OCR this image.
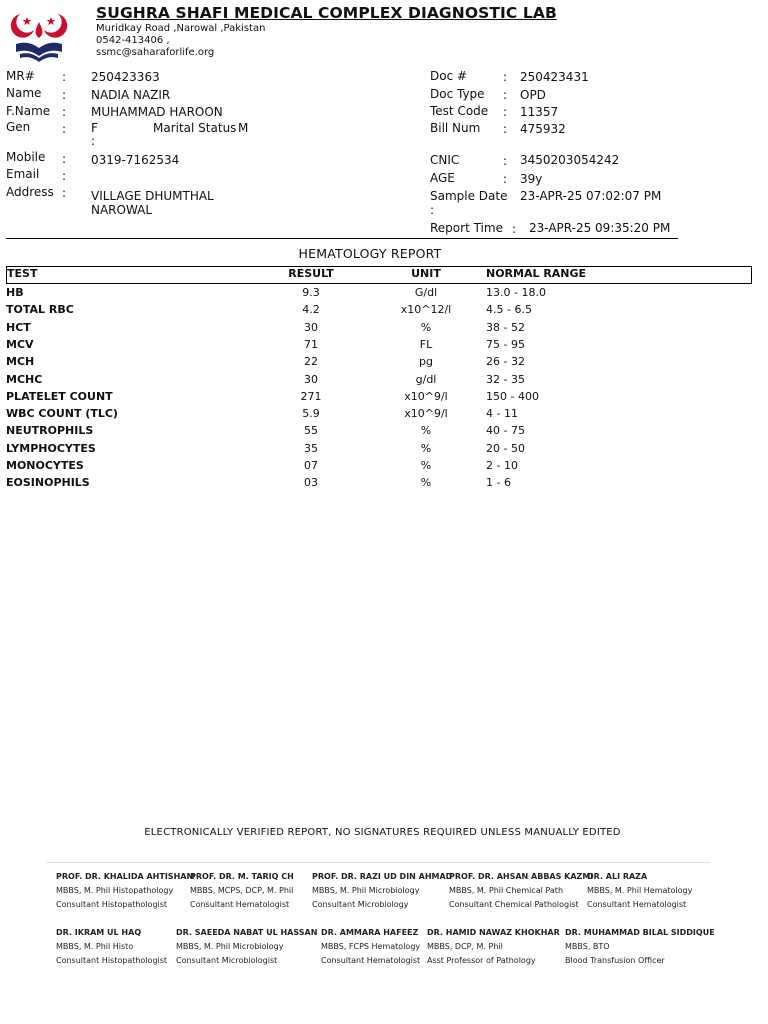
SUGHRA SHAFI MEDICAL COMPLEX DIAGNOSTIC LAB
Muridkay Road ,Narowal ,Pakistan
0542-413406 ,
ssmc@saharaforlife.org
MR# : 250423363
Name : NADIA NAZIR
F.Name : MUHAMMAD HAROON
Gen	: F	Marital Status M
:
Mobile : 0319-7162534
Email :
Address : VILLAGE DHUMTHAL
NAROWAL
Doc #	: 250423431
Doc Type : OPD
Test Code : 11357
Bill Num : 475932
CNIC	: 3450203054242
AGE	: 39y
Sample Date 23-APR-25 07:02:07 PM
:
Report Time : 23-APR-25 09:35:20 PM
HEMATOLOGY REPORT
TEST	RESULT	UNIT	NORMAL RANGE
HB	9.3	G/dl	13.0 - 18.0
TOTAL RBC	4.2	x10^12/l	4.5 - 6.5
HCT	30	%	38 - 52
MCV	71	FL	75 - 95
MCH	22	pg	26 - 32
MCHC	30	g/dl	32 - 35
PLATELET COUNT	271	x10^9/l	150 - 400
WBC COUNT (TLC)	5.9	x10^9/l	4 - 11
NEUTROPHILS	55	%	40 - 75
LYMPHOCYTES	35	%	20 - 50
MONOCYTES	07	%	2 - 10
EOSINOPHILS	03	%	1 - 6
ELECTRONICALLY VERIFIED REPORT, NO SIGNATURES REQUIRED UNLESS MANUALLY EDITED
PROF. DR. KHALIDA AHTISHAM
MBBS, M. Phil Histopathology
Consultant Histopathologist
PROF. DR. M. TARIQ CH
MBBS, MCPS, DCP, M. Phil
Consultant Hematologist
PROF. DR. RAZI UD DIN AHMAD
MBBS, M. Phil Microbiology
Consultant Microbiology
PROF. DR. AHSAN ABBAS KAZMI
MBBS, M. Phil Chemical Path
Consultant Chemical Pathologist
DR. ALI RAZA
MBBS, M. Phil Hematology
Consultant Hematologist
DR. IKRAM UL HAQ
MBBS, M. Phil Histo
Consultant Histopathologist
DR. SAEEDA NABAT UL HASSAN
MBBS, M. Phil Microbiology
Consultant Microbiologist
DR. AMMARA HAFEEZ
MBBS, FCPS Hematology
Consultant Hematologist
DR. HAMID NAWAZ KHOKHAR
MBBS, DCP, M. Phil
Asst Professor of Pathology
DR. MUHAMMAD BILAL SIDDIQUE
MBBS, BTO
Blood Transfusion Officer
